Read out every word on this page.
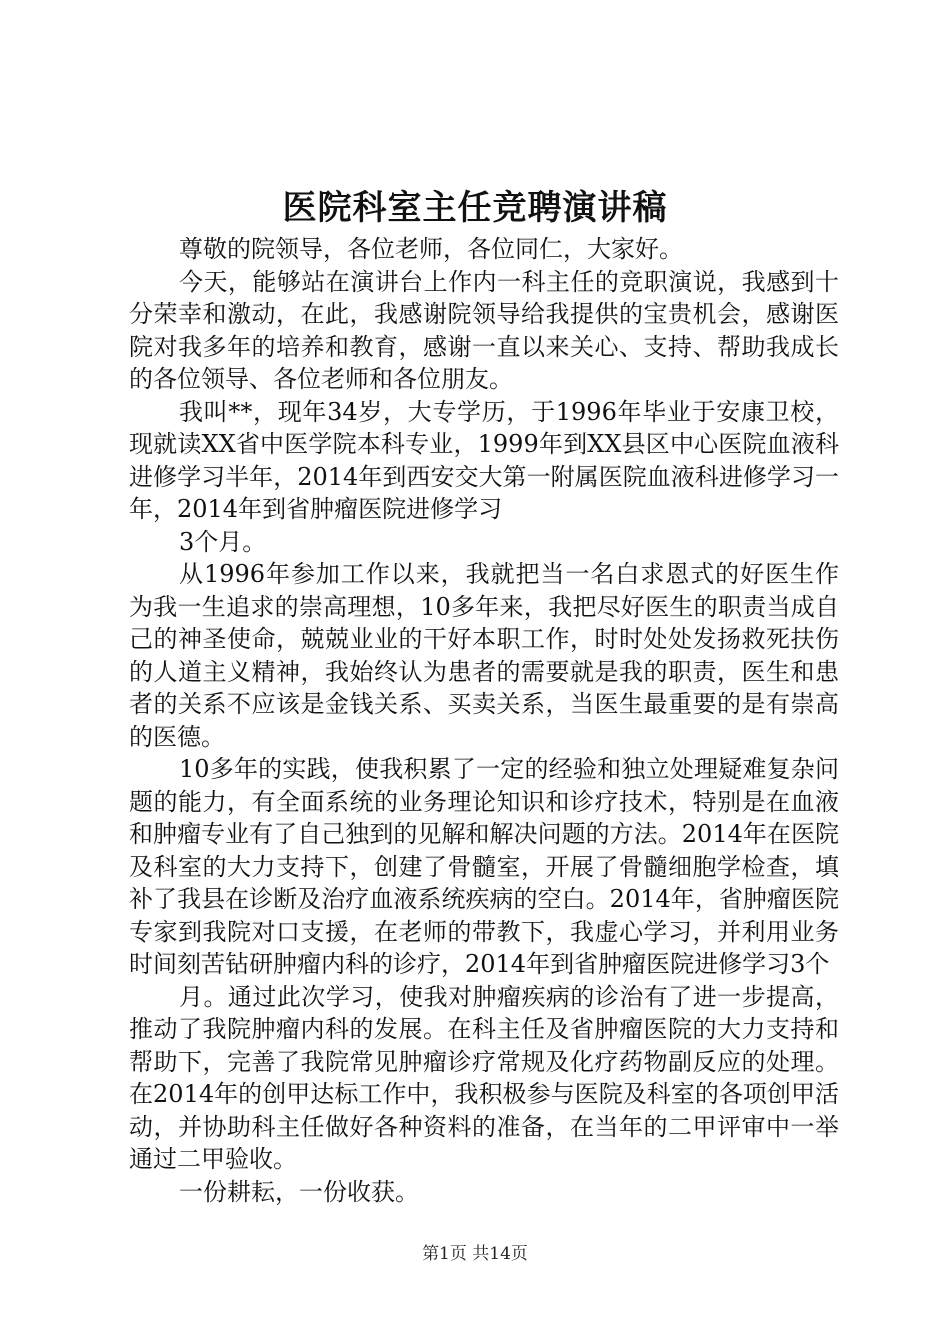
医院科室主任竞聘演讲稿

尊敬的院领导，各位老师，各位同仁，大家好。

今天，能够站在演讲台上作内一科主任的竞职演说，我感到十分荣幸和激动，在此，我感谢院领导给我提供的宝贵机会，感谢医院对我多年的培养和教育，感谢一直以来关心、支持、帮助我成长的各位领导、各位老师和各位朋友。

我叫**，现年34岁，大专学历，于1996年毕业于安康卫校，现就读XX省中医学院本科专业，1999年到XX县区中心医院血液科进修学习半年，2014年到西安交大第一附属医院血液科进修学习一年，2014年到省肿瘤医院进修学习

3个月。

从1996年参加工作以来，我就把当一名白求恩式的好医生作为我一生追求的崇高理想，10多年来，我把尽好医生的职责当成自己的神圣使命，兢兢业业的干好本职工作，时时处处发扬救死扶伤的人道主义精神，我始终认为患者的需要就是我的职责，医生和患者的关系不应该是金钱关系、买卖关系，当医生最重要的是有崇高的医德。

10多年的实践，使我积累了一定的经验和独立处理疑难复杂问题的能力，有全面系统的业务理论知识和诊疗技术，特别是在血液和肿瘤专业有了自己独到的见解和解决问题的方法。2014年在医院及科室的大力支持下，创建了骨髓室，开展了骨髓细胞学检查，填补了我县在诊断及治疗血液系统疾病的空白。2014年，省肿瘤医院专家到我院对口支援，在老师的带教下，我虚心学习，并利用业务时间刻苦钻研肿瘤内科的诊疗，2014年到省肿瘤医院进修学习3个

月。通过此次学习，使我对肿瘤疾病的诊治有了进一步提高，推动了我院肿瘤内科的发展。在科主任及省肿瘤医院的大力支持和帮助下，完善了我院常见肿瘤诊疗常规及化疗药物副反应的处理。在2014年的创甲达标工作中，我积极参与医院及科室的各项创甲活动，并协助科主任做好各种资料的准备，在当年的二甲评审中一举通过二甲验收。

一份耕耘，一份收获。

第1页 共14页
